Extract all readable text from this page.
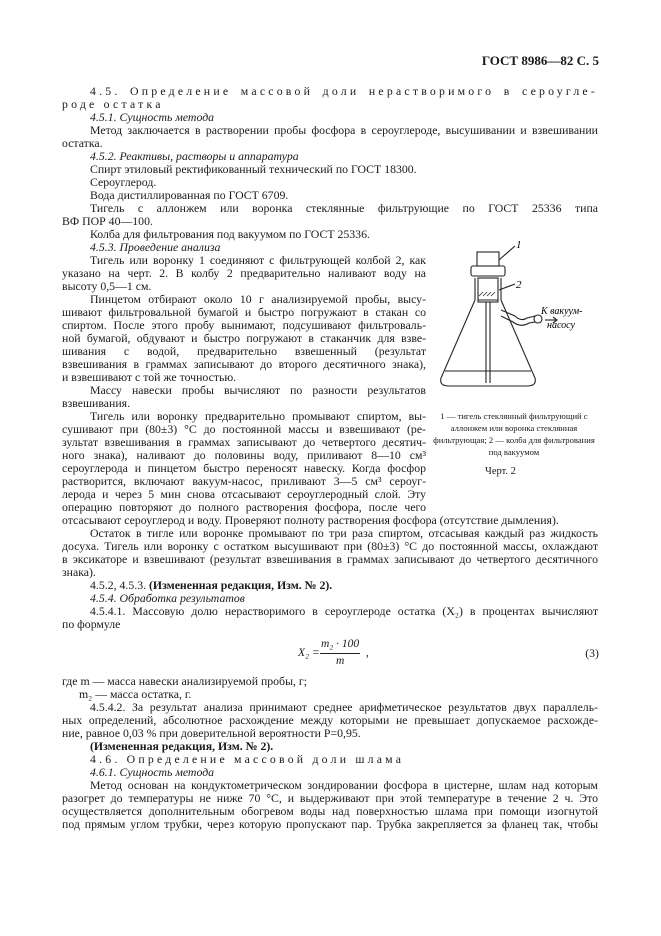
ГОСТ 8986—82 С. 5
4.5. Определение массовой доли нерастворимого в сероугле-
роде остатка
4.5.1. Сущность метода
Метод заключается в растворении пробы фосфора в сероуглероде, высушивании и взвешивании
остатка.
4.5.2. Реактивы, растворы и аппаратура
Спирт этиловый ректификованный технический по ГОСТ 18300.
Сероуглерод.
Вода дистиллированная по ГОСТ 6709.
Тигель с аллонжем или воронка стеклянные фильтрующие по ГОСТ 25336 типа
ВФ ПОР 40—100.
Колба для фильтрования под вакуумом по ГОСТ 25336.
4.5.3. Проведение анализа
Тигель или воронку 1 соединяют с фильтрующей колбой 2, как
указано на черт. 2. В колбу 2 предварительно наливают воду на
высоту 0,5—1 см.
Пинцетом отбирают около 10 г анализируемой пробы, высу-
шивают фильтровальной бумагой и быстро погружают в стакан со
спиртом. После этого пробу вынимают, подсушивают фильтроваль-
ной бумагой, обдувают и быстро погружают в стаканчик для взве-
шивания с водой, предварительно взвешенный (результат
взвешивания в граммах записывают до второго десятичного знака),
и взвешивают с той же точностью.
Массу навески пробы вычисляют по разности результатов
взвешивания.
Тигель или воронку предварительно промывают спиртом, вы-
сушивают при (80±3) °С до постоянной массы и взвешивают (ре-
зультат взвешивания в граммах записывают до четвертого десятич-
ного знака), наливают до половины воду, приливают 8—10 см³
сероуглерода и пинцетом быстро переносят навеску. Когда фосфор
растворится, включают вакуум-насос, приливают 3—5 см³ сероуг-
лерода и через 5 мин снова отсасывают сероуглеродный слой. Эту
операцию повторяют до полного растворения фосфора, после чего
отсасывают сероуглерод и воду. Проверяют полноту растворения фосфора (отсутствие дымления).
Остаток в тигле или воронке промывают по три раза спиртом, отсасывая каждый раз жидкость
досуха. Тигель или воронку с остатком высушивают при (80±3) °С до постоянной массы, охлаждают
в эксикаторе и взвешивают (результат взвешивания в граммах записывают до четвертого десятичного
знака).
4.5.2, 4.5.3. (Измененная редакция, Изм. № 2).
4.5.4. Обработка результатов
4.5.4.1. Массовую долю нерастворимого в сероуглероде остатка (X₂) в процентах вычисляют
по формуле
X₂ =
m₂ · 100
m
,	(3)
где m — масса навески анализируемой пробы, г;
m₂ — масса остатка, г.
4.5.4.2. За результат анализа принимают среднее арифметическое результатов двух параллель-
ных определений, абсолютное расхождение между которыми не превышает допускаемое расхожде-
ние, равное 0,03 % при доверительной вероятности P=0,95.
(Измененная редакция, Изм. № 2).
4.6. Определение массовой доли шлама
4.6.1. Сущность метода
Метод основан на кондуктометрическом зондировании фосфора в цистерне, шлам над которым
разогрет до температуры не ниже 70 °С, и выдерживают при этой температуре в течение 2 ч. Это
осуществляется дополнительным обогревом воды над поверхностью шлама при помощи изогнутой
под прямым углом трубки, через которую пропускают пар. Трубка закрепляется за фланец так, чтобы
1
2
К вакуум-
насосу
1 — тигель стеклянный фильтрующий с аллонжем или воронка стеклянная фильтрующая; 2 — колба для фильтрования под вакуумом
Черт. 2
